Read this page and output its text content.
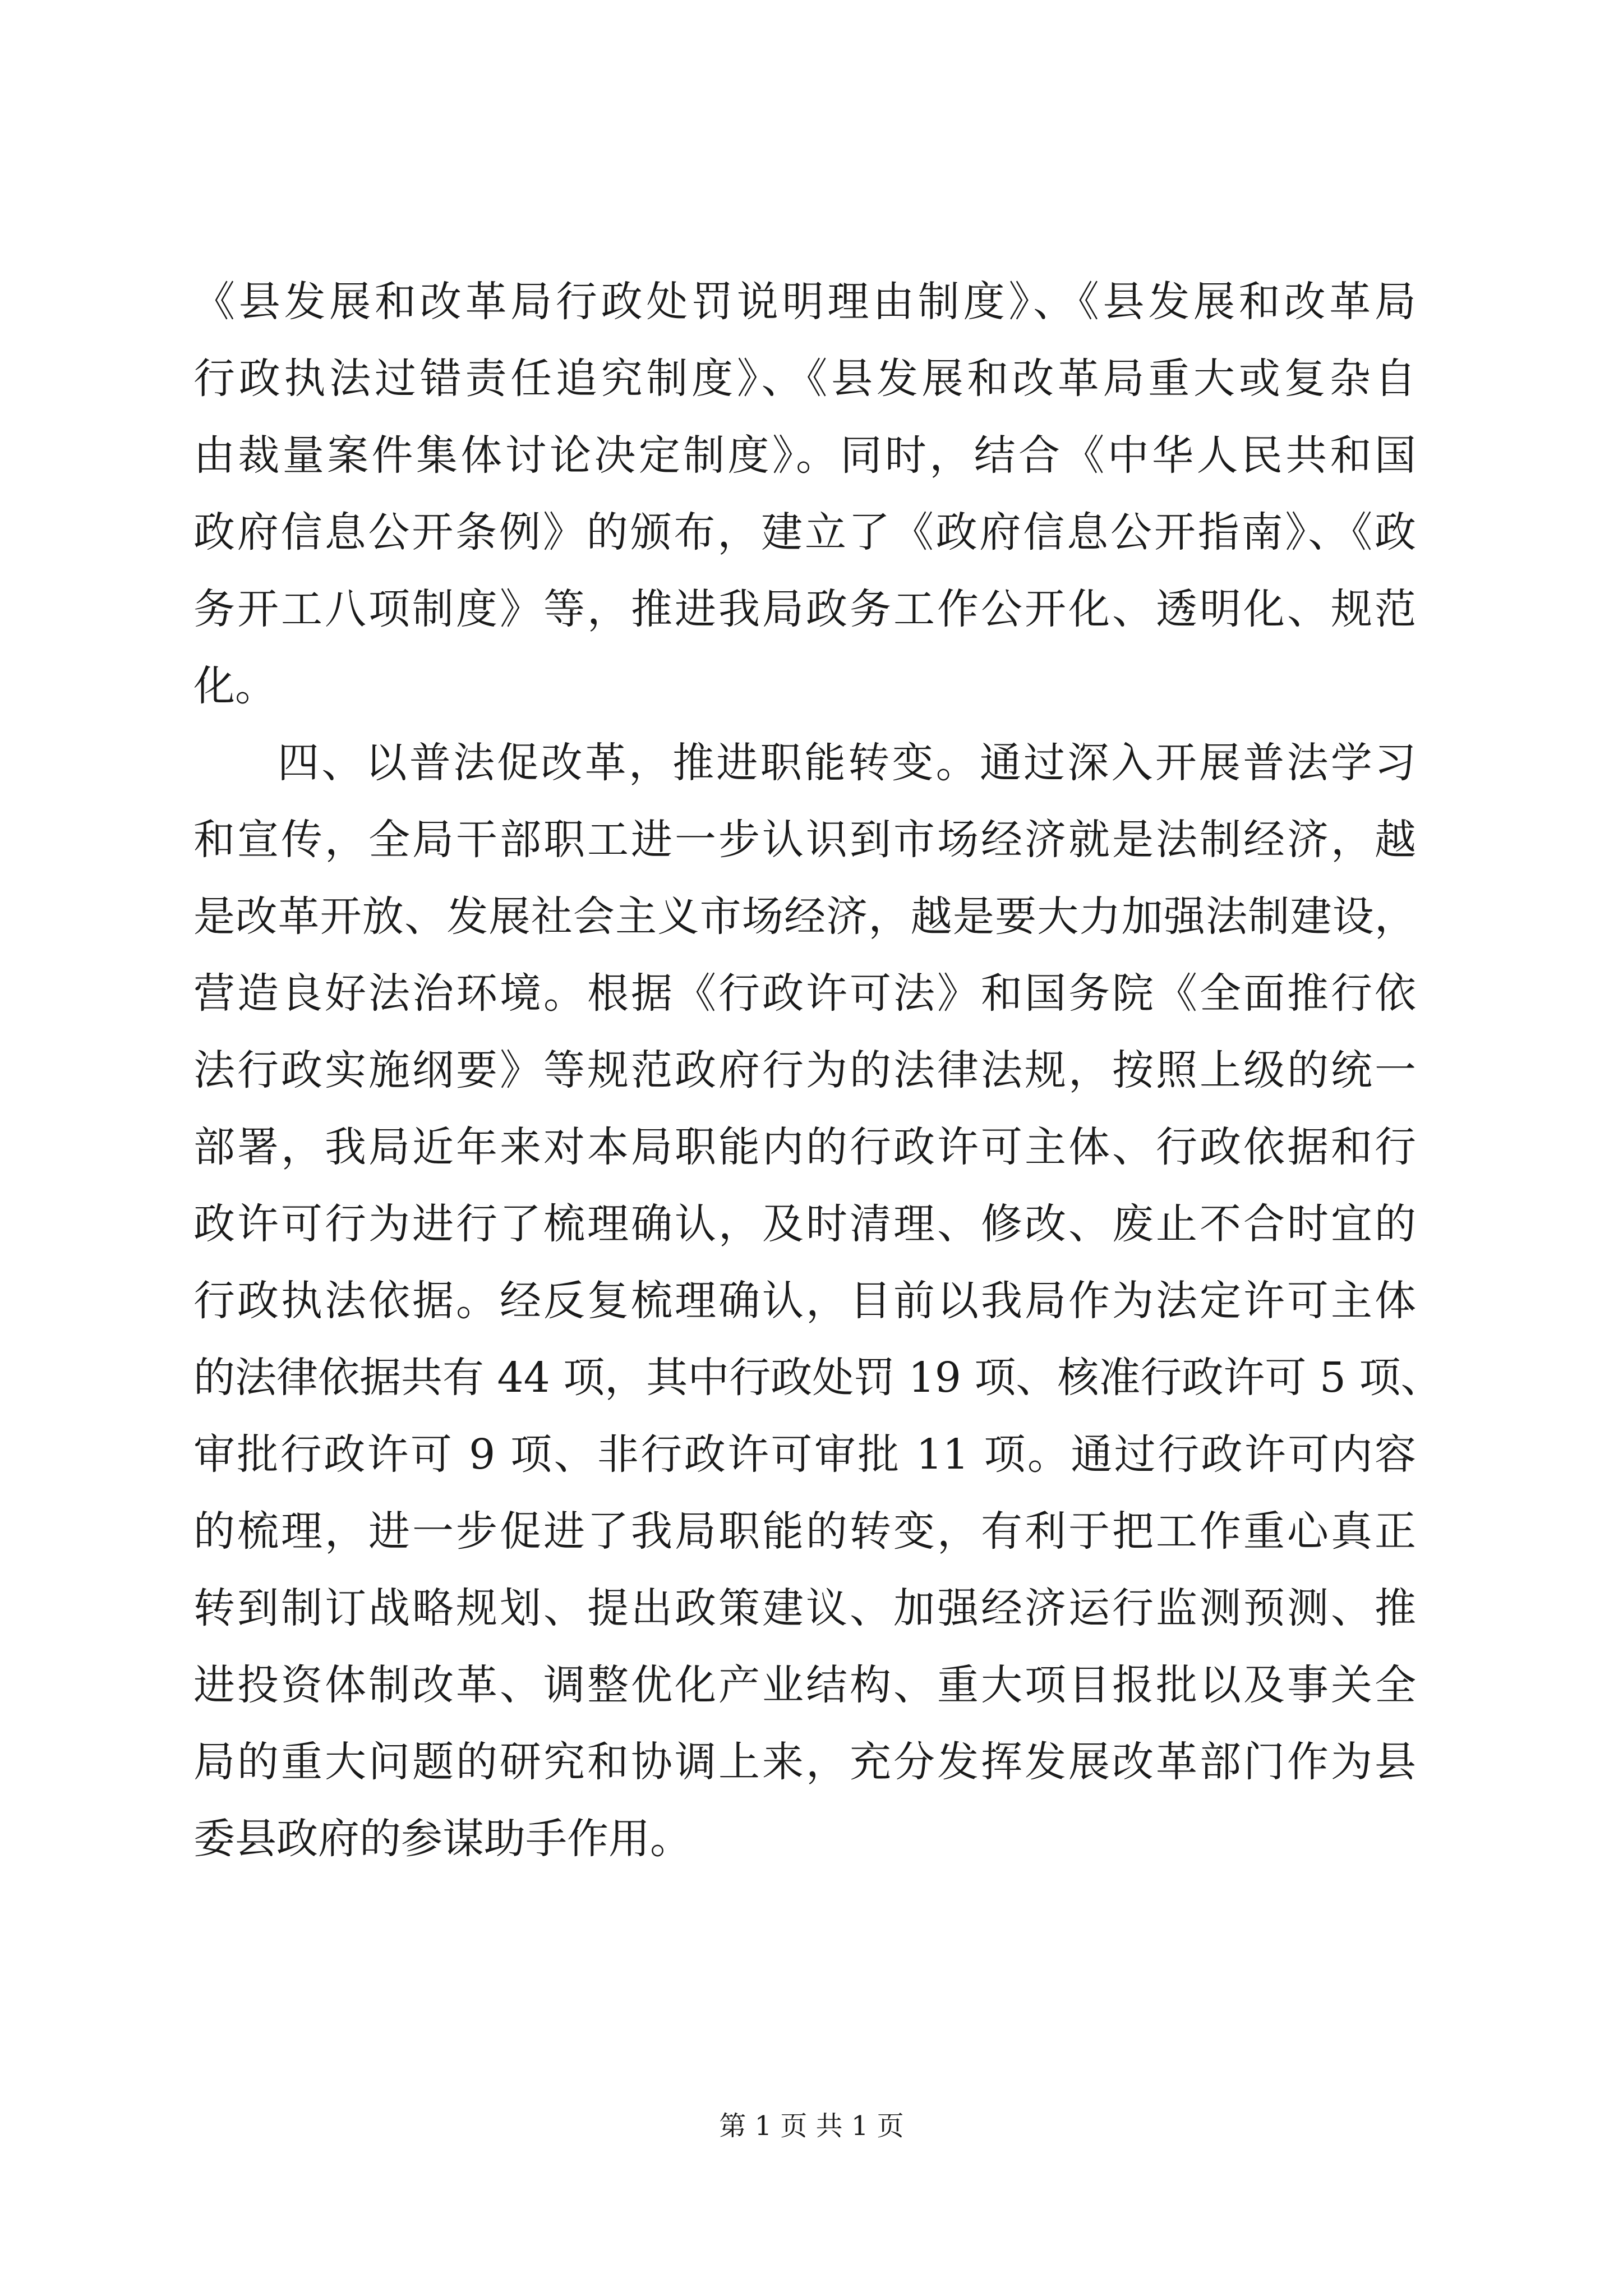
《县发展和改革局行政处罚说明理由制度》、《县发展和改革局
行政执法过错责任追究制度》、《县发展和改革局重大或复杂自
由裁量案件集体讨论决定制度》。同时，结合《中华人民共和国
政府信息公开条例》的颁布，建立了《政府信息公开指南》、《政
务开工八项制度》等，推进我局政务工作公开化、透明化、规范
化。
四、以普法促改革，推进职能转变。通过深入开展普法学习
和宣传，全局干部职工进一步认识到市场经济就是法制经济，越
是改革开放、发展社会主义市场经济，越是要大力加强法制建设，
营造良好法治环境。根据《行政许可法》和国务院《全面推行依
法行政实施纲要》等规范政府行为的法律法规，按照上级的统一
部署，我局近年来对本局职能内的行政许可主体、行政依据和行
政许可行为进行了梳理确认，及时清理、修改、废止不合时宜的
行政执法依据。经反复梳理确认，目前以我局作为法定许可主体
的法律依据共有 44 项，其中行政处罚 19 项、核准行政许可 5 项、
审批行政许可 9 项、非行政许可审批 11 项。通过行政许可内容
的梳理，进一步促进了我局职能的转变，有利于把工作重心真正
转到制订战略规划、提出政策建议、加强经济运行监测预测、推
进投资体制改革、调整优化产业结构、重大项目报批以及事关全
局的重大问题的研究和协调上来，充分发挥发展改革部门作为县
委县政府的参谋助手作用。
第 1 页 共 1 页
